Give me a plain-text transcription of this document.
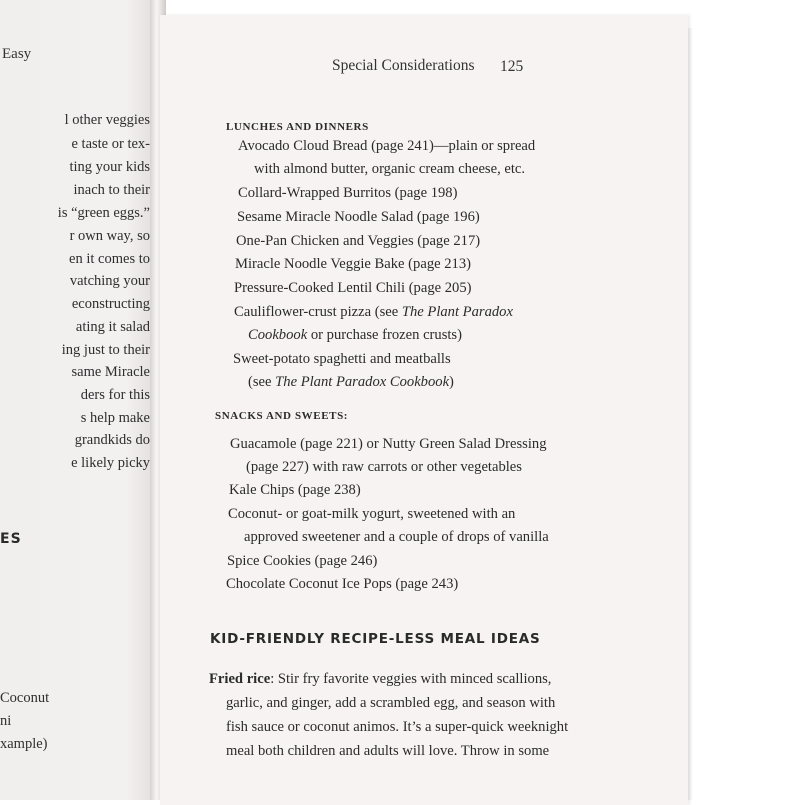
Easy
l other veggies
e taste or tex-
ting your kids
inach to their
is “green eggs.”
r own way, so
en it comes to
vatching your
econstructing
ating it salad
ing just to their
same Miracle
ders for this
s help make
grandkids do
e likely picky
ES
Coconut
ni
xample)
Special Considerations 125
LUNCHES AND DINNERS
Avocado Cloud Bread (page 241)—plain or spread
with almond butter, organic cream cheese, etc.
Collard-Wrapped Burritos (page 198)
Sesame Miracle Noodle Salad (page 196)
One-Pan Chicken and Veggies (page 217)
Miracle Noodle Veggie Bake (page 213)
Pressure-Cooked Lentil Chili (page 205)
Cauliflower-crust pizza (see The Plant Paradox
Cookbook or purchase frozen crusts)
Sweet-potato spaghetti and meatballs
(see The Plant Paradox Cookbook)
SNACKS AND SWEETS:
Guacamole (page 221) or Nutty Green Salad Dressing
(page 227) with raw carrots or other vegetables
Kale Chips (page 238)
Coconut- or goat-milk yogurt, sweetened with an
approved sweetener and a couple of drops of vanilla
Spice Cookies (page 246)
Chocolate Coconut Ice Pops (page 243)
KID-FRIENDLY RECIPE-LESS MEAL IDEAS
Fried rice: Stir fry favorite veggies with minced scallions,
garlic, and ginger, add a scrambled egg, and season with
fish sauce or coconut animos. It’s a super-quick weeknight
meal both children and adults will love. Throw in some
